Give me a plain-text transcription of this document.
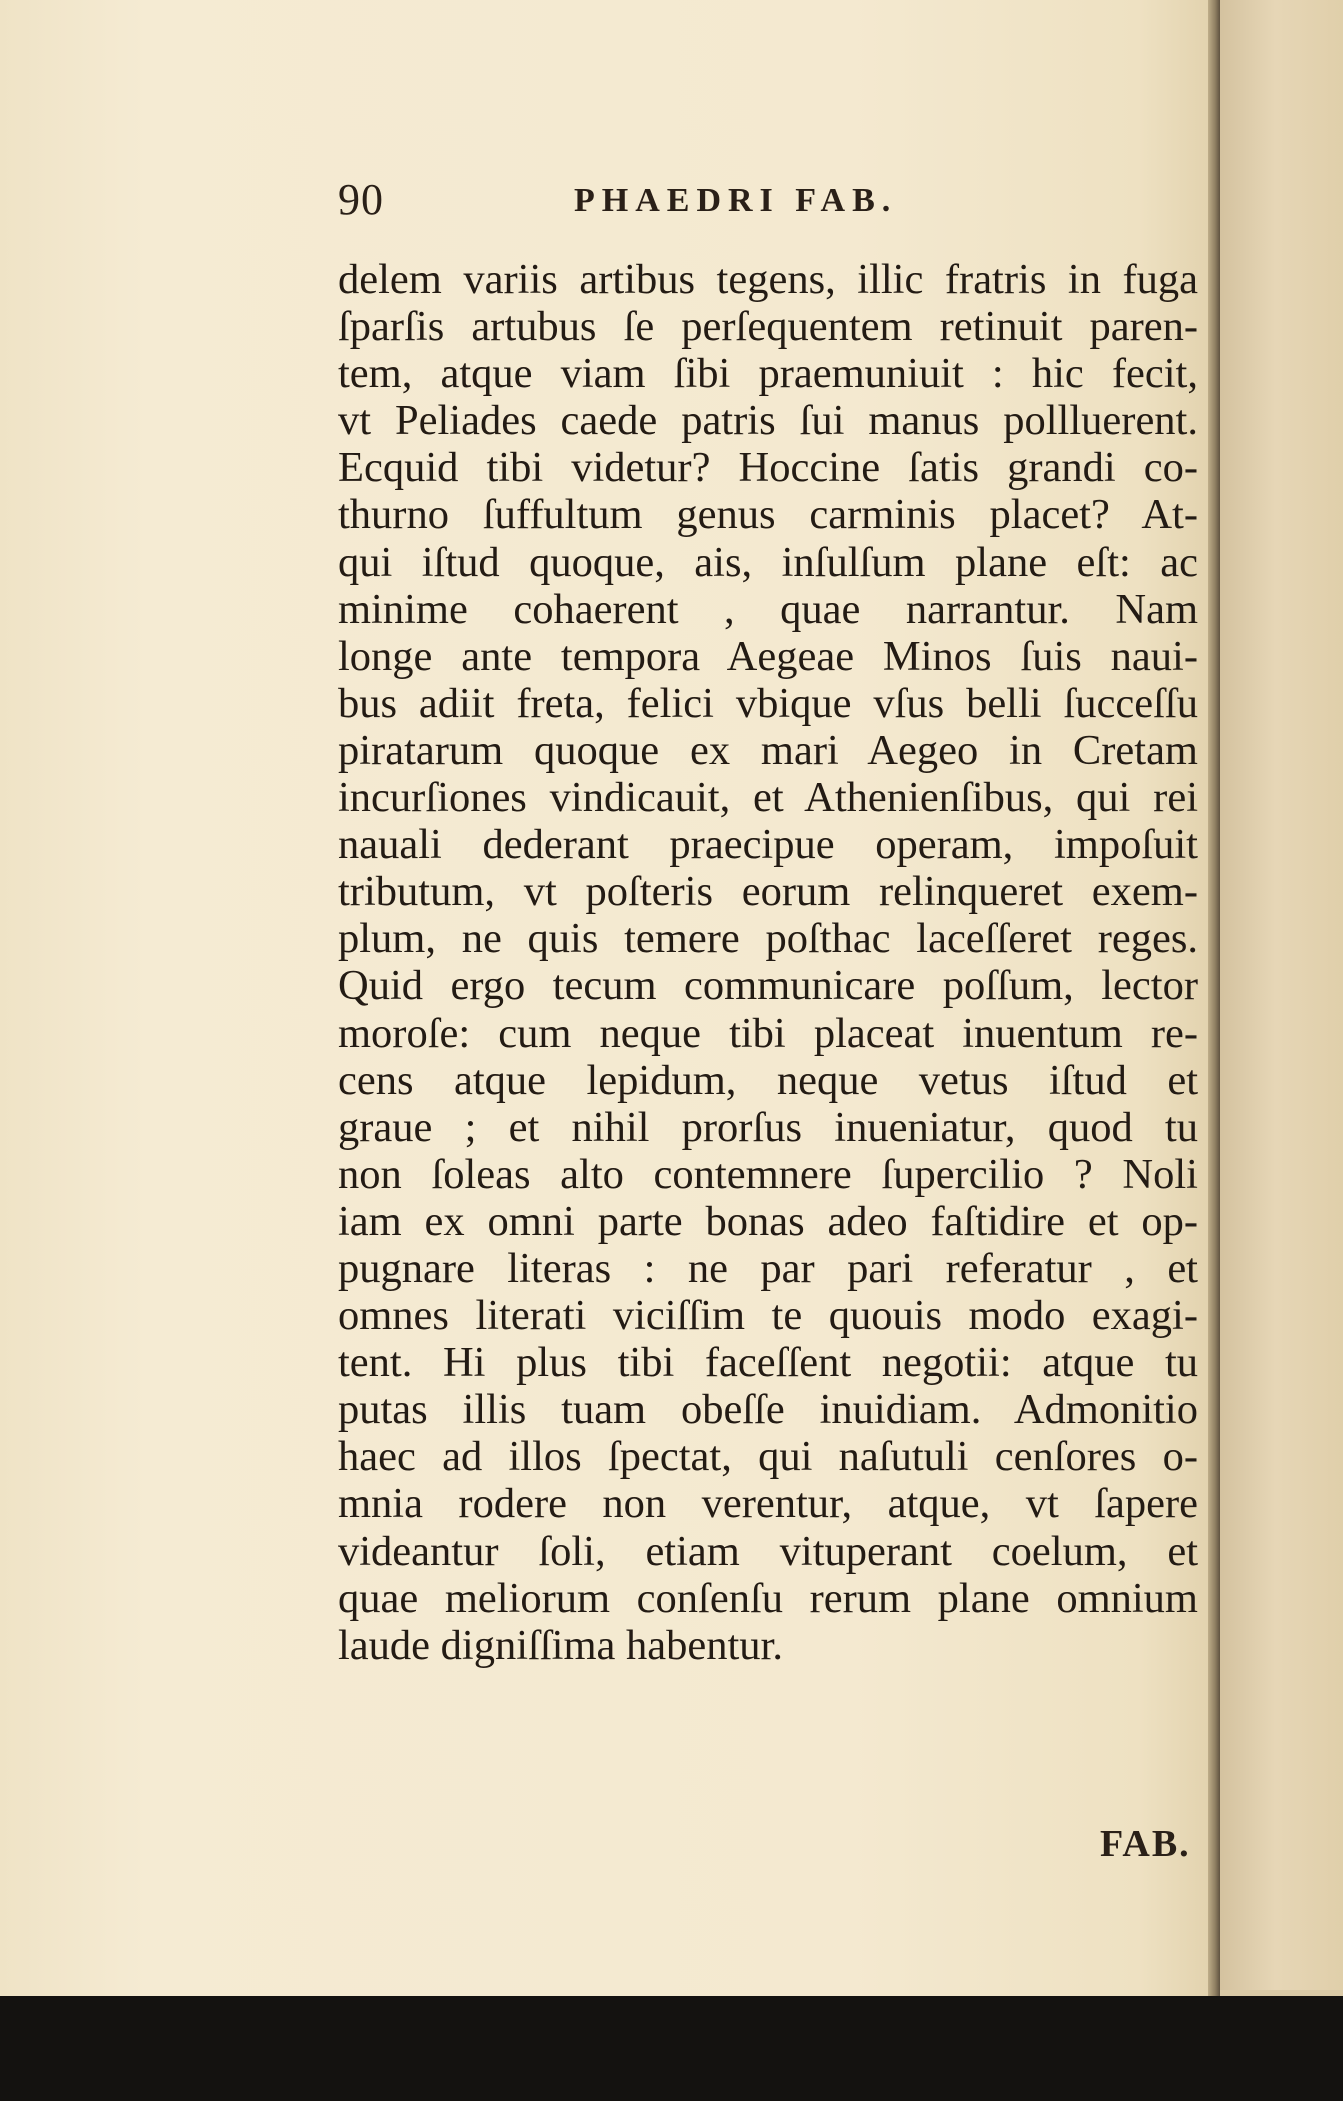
90	PHAEDRI FAB.
delem variis artibus tegens, illic fratris in fuga
ſparſis artubus ſe perſequentem retinuit paren-
tem, atque viam ſibi praemuniuit : hic fecit,
vt Peliades caede patris ſui manus pollluerent.
Ecquid tibi videtur? Hoccine ſatis grandi co-
thurno ſuffultum genus carminis placet? At-
qui iſtud quoque, ais, inſulſum plane eſt: ac
minime cohaerent , quae narrantur. Nam
longe ante tempora Aegeae Minos ſuis naui-
bus adiit freta, felici vbique vſus belli ſucceſſu
piratarum quoque ex mari Aegeo in Cretam
incurſiones vindicauit, et Athenienſibus, qui rei
nauali dederant praecipue operam, impoſuit
tributum, vt poſteris eorum relinqueret exem-
plum, ne quis temere poſthac laceſſeret reges.
Quid ergo tecum communicare poſſum, lector
moroſe: cum neque tibi placeat inuentum re-
cens atque lepidum, neque vetus iſtud et
graue ; et nihil prorſus inueniatur, quod tu
non ſoleas alto contemnere ſupercilio ? Noli
iam ex omni parte bonas adeo faſtidire et op-
pugnare literas : ne par pari referatur , et
omnes literati viciſſim te quouis modo exagi-
tent. Hi plus tibi faceſſent negotii: atque tu
putas illis tuam obeſſe inuidiam. Admonitio
haec ad illos ſpectat, qui naſutuli cenſores o-
mnia rodere non verentur, atque, vt ſapere
videantur ſoli, etiam vituperant coelum, et
quae meliorum conſenſu rerum plane omnium
laude digniſſima habentur.
FAB.
